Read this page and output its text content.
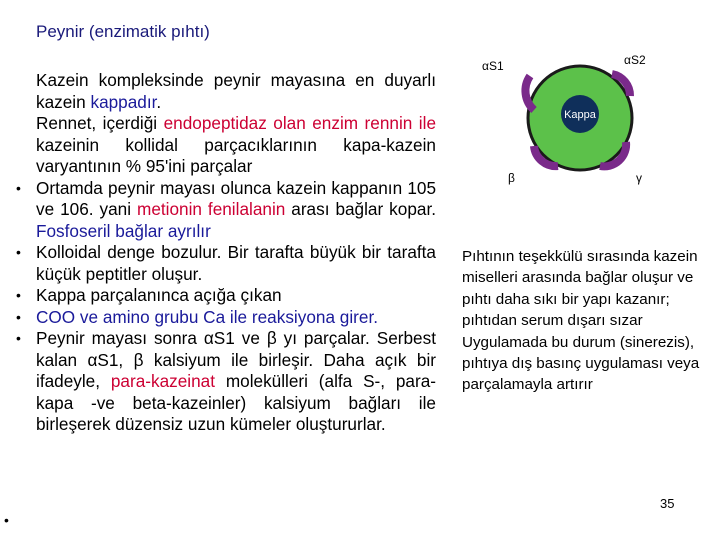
Peynir (enzimatik pıhtı)
Kazein kompleksinde peynir mayasına en duyarlı kazein kappadır.
Rennet, içerdiği endopeptidaz olan enzim rennin ile kazeinin kollidal parçacıklarının kapa-kazein varyantının % 95'ini parçalar
• Ortamda peynir mayası olunca kazein kappanın 105 ve 106. yani metionin fenilalanin arası bağlar kopar. Fosfoseril bağlar ayrılır
• Kolloidal denge bozulur. Bir tarafta büyük bir tarafta küçük peptitler oluşur.
• Kappa parçalanınca açığa çıkan
• COO ve amino grubu Ca ile reaksiyona girer.
• Peynir mayası sonra αS1 ve β yı parçalar. Serbest kalan αS1, β kalsiyum ile birleşir. Daha açık bir ifadeyle, para-kazeinat molekülleri (alfa S-, para-kapa -ve beta-kazeinler) kalsiyum bağları ile birleşerek düzensiz uzun kümeler oluştururlar.
•
Kappa
αS1	αS2
β	γ
Pıhtının teşekkülü sırasında kazein miselleri arasında bağlar oluşur ve pıhtı daha sıkı bir yapı kazanır; pıhtıdan serum dışarı sızar Uygulamada bu durum (sinerezis), pıhtıya dış basınç uygulaması veya parçalamayla artırır
35
